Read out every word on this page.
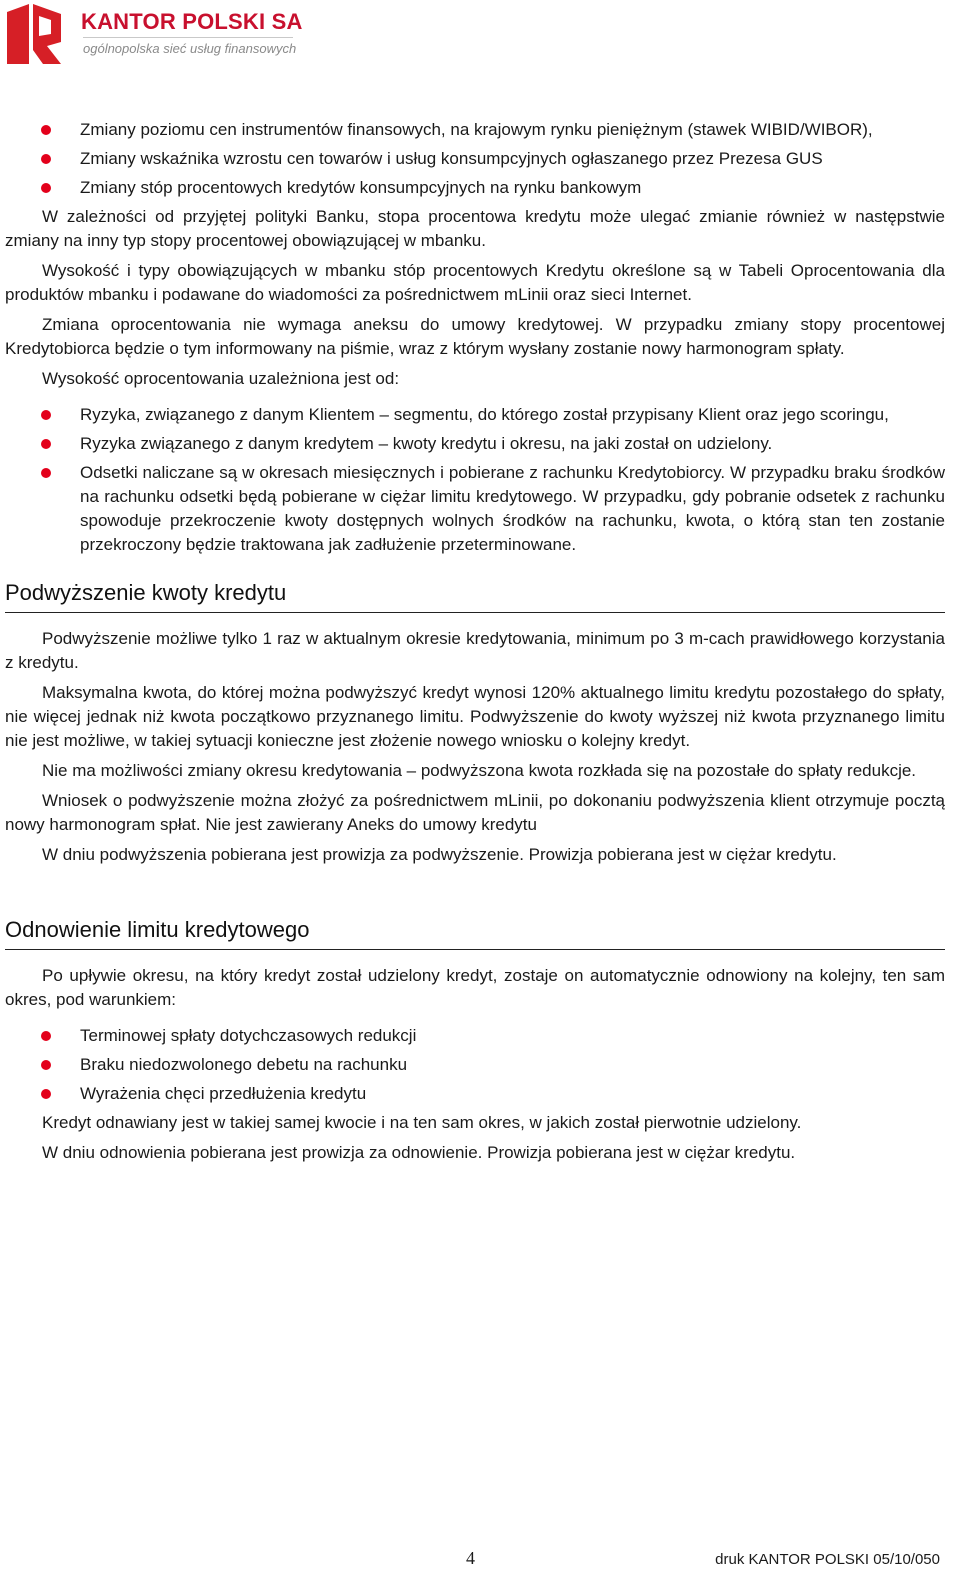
KANTOR POLSKI SA
ogólnopolska sieć usług finansowych
Zmiany poziomu cen instrumentów finansowych, na krajowym rynku pieniężnym (stawek WIBID/WIBOR),
Zmiany wskaźnika wzrostu cen towarów i usług konsumpcyjnych ogłaszanego przez Prezesa GUS
Zmiany stóp procentowych kredytów konsumpcyjnych na rynku bankowym

W zależności od przyjętej polityki Banku, stopa procentowa kredytu może ulegać zmianie również w następstwie zmiany na inny typ stopy procentowej obowiązującej w mbanku.

Wysokość i typy obowiązujących w mbanku stóp procentowych Kredytu określone są w Tabeli Oprocentowania dla produktów mbanku i podawane do wiadomości za pośrednictwem mLinii oraz sieci Internet.

Zmiana oprocentowania nie wymaga aneksu do umowy kredytowej. W przypadku zmiany stopy procentowej Kredytobiorca będzie o tym informowany na piśmie, wraz z którym wysłany zostanie nowy harmonogram spłaty.

Wysokość oprocentowania uzależniona jest od:

Ryzyka, związanego z danym Klientem – segmentu, do którego został przypisany Klient oraz jego scoringu,
Ryzyka związanego z danym kredytem – kwoty kredytu i okresu, na jaki został on udzielony.
Odsetki naliczane są w okresach miesięcznych i pobierane z rachunku Kredytobiorcy. W przypadku braku środków na rachunku odsetki będą pobierane w ciężar limitu kredytowego. W przypadku, gdy pobranie odsetek z rachunku spowoduje przekroczenie kwoty dostępnych wolnych środków na rachunku, kwota, o którą stan ten zostanie przekroczony będzie traktowana jak zadłużenie przeterminowane.
Podwyższenie kwoty kredytu

Podwyższenie możliwe tylko 1 raz w aktualnym okresie kredytowania, minimum po 3 m-cach prawidłowego korzystania z kredytu.

Maksymalna kwota, do której można podwyższyć kredyt wynosi 120% aktualnego limitu kredytu pozostałego do spłaty, nie więcej jednak niż kwota początkowo przyznanego limitu. Podwyższenie do kwoty wyższej niż kwota przyznanego limitu nie jest możliwe, w takiej sytuacji konieczne jest złożenie nowego wniosku o kolejny kredyt.

Nie ma możliwości zmiany okresu kredytowania – podwyższona kwota rozkłada się na pozostałe do spłaty redukcje.

Wniosek o podwyższenie można złożyć za pośrednictwem mLinii, po dokonaniu podwyższenia klient otrzymuje pocztą nowy harmonogram spłat. Nie jest zawierany Aneks do umowy kredytu

W dniu podwyższenia pobierana jest prowizja za podwyższenie. Prowizja pobierana jest w ciężar kredytu.

Odnowienie limitu kredytowego

Po upływie okresu, na który kredyt został udzielony kredyt, zostaje on automatycznie odnowiony na kolejny, ten sam okres, pod warunkiem:

Terminowej spłaty dotychczasowych redukcji
Braku niedozwolonego debetu na rachunku
Wyrażenia chęci przedłużenia kredytu

Kredyt odnawiany jest w takiej samej kwocie i na ten sam okres, w jakich został pierwotnie udzielony.

W dniu odnowienia pobierana jest prowizja za odnowienie. Prowizja pobierana jest w ciężar kredytu.

4	druk KANTOR POLSKI 05/10/050
